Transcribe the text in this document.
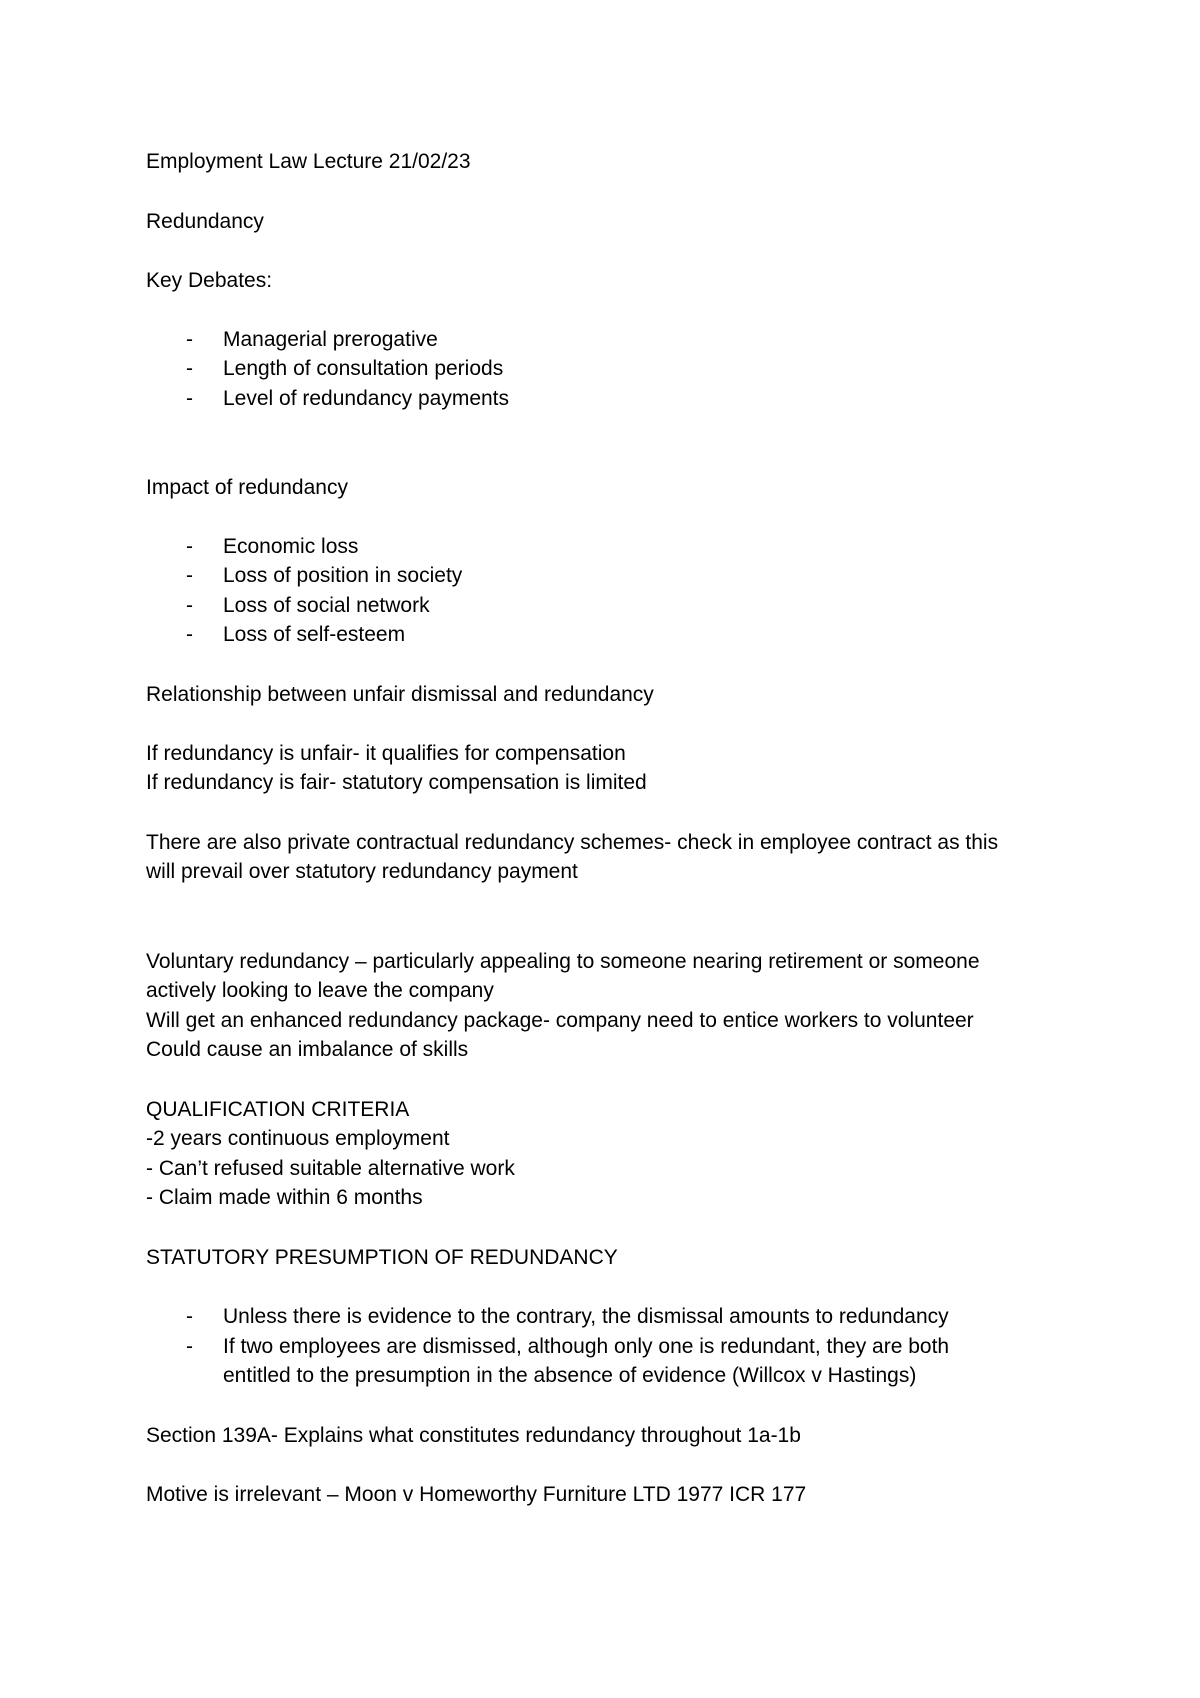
Employment Law Lecture 21/02/23
Redundancy
Key Debates:
- Managerial prerogative
- Length of consultation periods
- Level of redundancy payments
Impact of redundancy
- Economic loss
- Loss of position in society
- Loss of social network
- Loss of self-esteem
Relationship between unfair dismissal and redundancy
If redundancy is unfair- it qualifies for compensation
If redundancy is fair- statutory compensation is limited
There are also private contractual redundancy schemes- check in employee contract as this
will prevail over statutory redundancy payment
Voluntary redundancy – particularly appealing to someone nearing retirement or someone
actively looking to leave the company
Will get an enhanced redundancy package- company need to entice workers to volunteer
Could cause an imbalance of skills
QUALIFICATION CRITERIA
-2 years continuous employment
- Can’t refused suitable alternative work
- Claim made within 6 months
STATUTORY PRESUMPTION OF REDUNDANCY
- Unless there is evidence to the contrary, the dismissal amounts to redundancy
- If two employees are dismissed, although only one is redundant, they are both
entitled to the presumption in the absence of evidence (Willcox v Hastings)
Section 139A- Explains what constitutes redundancy throughout 1a-1b
Motive is irrelevant – Moon v Homeworthy Furniture LTD 1977 ICR 177
